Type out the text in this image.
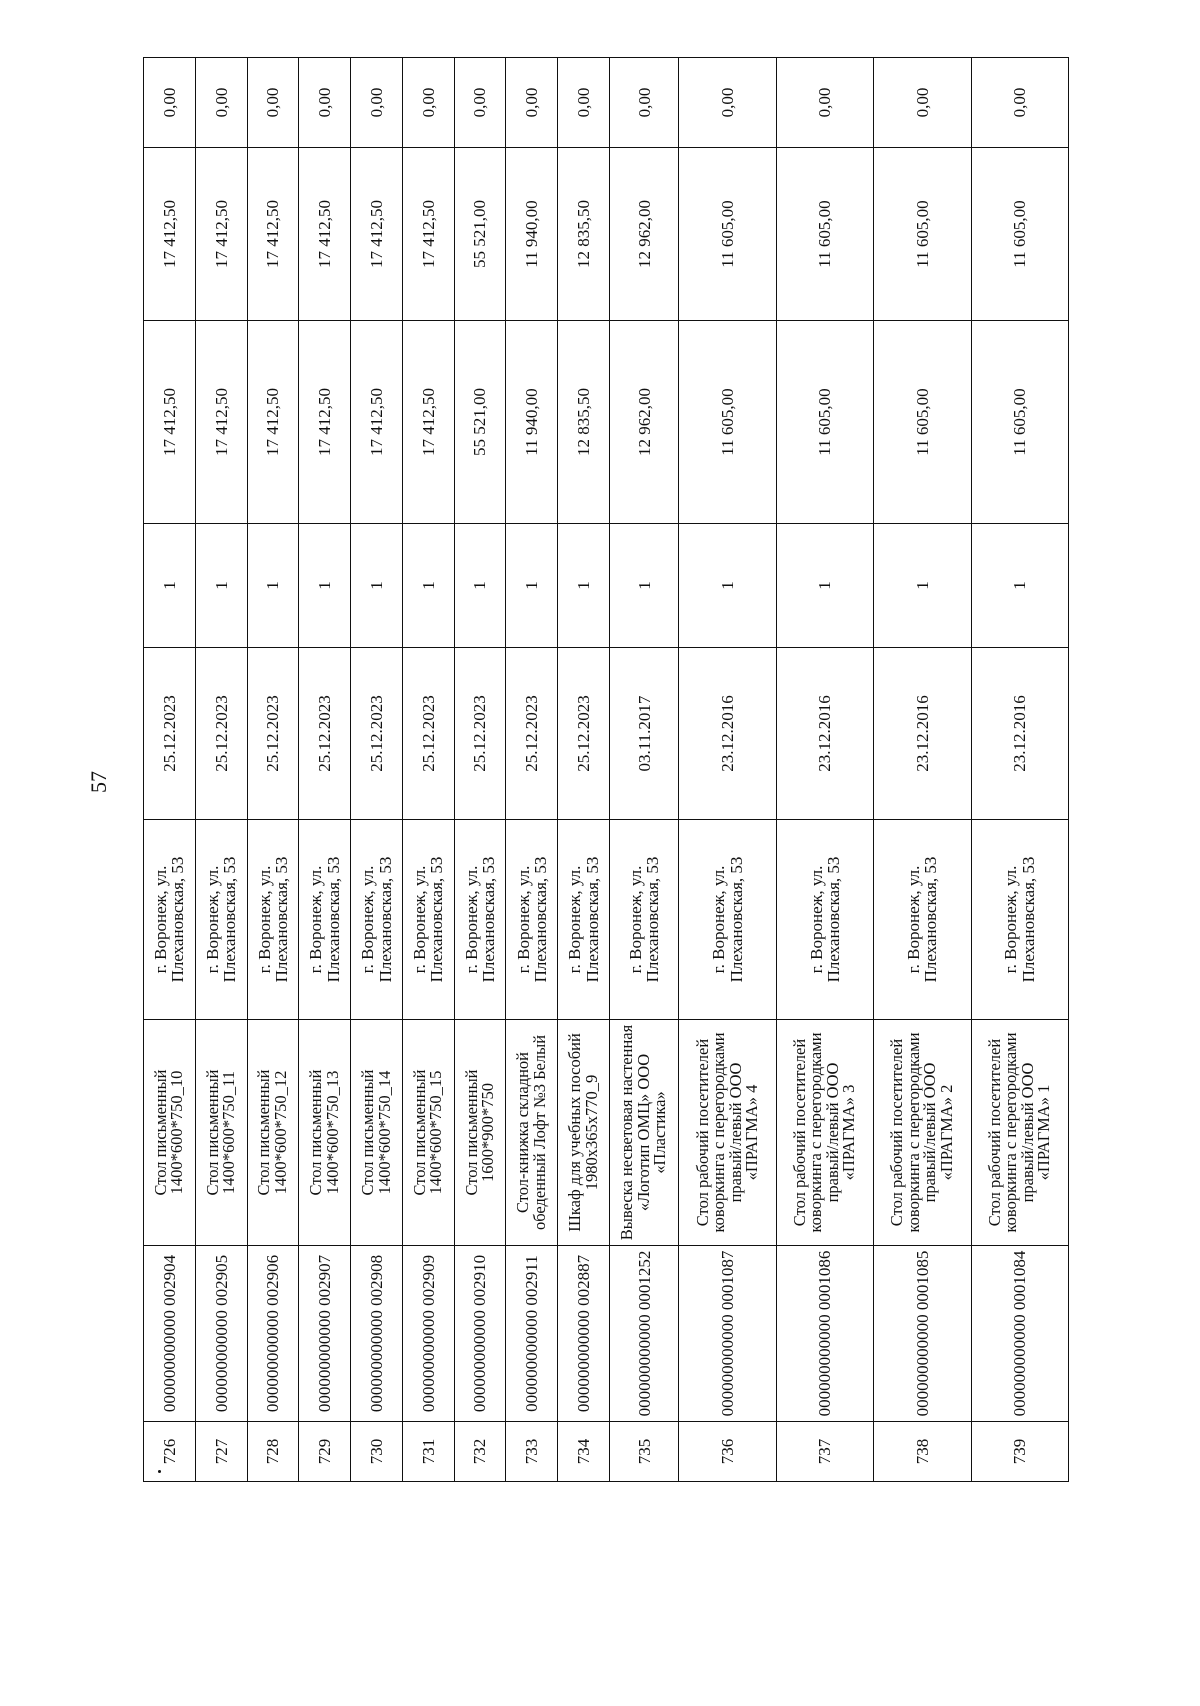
57
726	000000000000 002904	Стол письменный 1400*600*750_10	г. Воронеж, ул. Плехановская, 53	25.12.2023	1	17 412,50	17 412,50	0,00
727	000000000000 002905	Стол письменный 1400*600*750_11	г. Воронеж, ул. Плехановская, 53	25.12.2023	1	17 412,50	17 412,50	0,00
728	000000000000 002906	Стол письменный 1400*600*750_12	г. Воронеж, ул. Плехановская, 53	25.12.2023	1	17 412,50	17 412,50	0,00
729	000000000000 002907	Стол письменный 1400*600*750_13	г. Воронеж, ул. Плехановская, 53	25.12.2023	1	17 412,50	17 412,50	0,00
730	000000000000 002908	Стол письменный 1400*600*750_14	г. Воронеж, ул. Плехановская, 53	25.12.2023	1	17 412,50	17 412,50	0,00
731	000000000000 002909	Стол письменный 1400*600*750_15	г. Воронеж, ул. Плехановская, 53	25.12.2023	1	17 412,50	17 412,50	0,00
732	000000000000 002910	Стол письменный 1600*900*750	г. Воронеж, ул. Плехановская, 53	25.12.2023	1	55 521,00	55 521,00	0,00
733	000000000000 002911	Стол-книжка складной обеденный Лофт №3 Белый	г. Воронеж, ул. Плехановская, 53	25.12.2023	1	11 940,00	11 940,00	0,00
734	000000000000 002887	Шкаф для учебных пособий 1980x365x770_9	г. Воронеж, ул. Плехановская, 53	25.12.2023	1	12 835,50	12 835,50	0,00
735	000000000000 0001252	Вывеска несветовая настенная «Логотип ОМЦ» ООО «Пластика»	г. Воронеж, ул. Плехановская, 53	03.11.2017	1	12 962,00	12 962,00	0,00
736	000000000000 0001087	Стол рабочий посетителей коворкинга с перегородками правый/левый ООО «ПРАГМА» 4	г. Воронеж, ул. Плехановская, 53	23.12.2016	1	11 605,00	11 605,00	0,00
737	000000000000 0001086	Стол рабочий посетителей коворкинга с перегородками правый/левый ООО «ПРАГМА» 3	г. Воронеж, ул. Плехановская, 53	23.12.2016	1	11 605,00	11 605,00	0,00
738	000000000000 0001085	Стол рабочий посетителей коворкинга с перегородками правый/левый ООО «ПРАГМА» 2	г. Воронеж, ул. Плехановская, 53	23.12.2016	1	11 605,00	11 605,00	0,00
739	000000000000 0001084	Стол рабочий посетителей коворкинга с перегородками правый/левый ООО «ПРАГМА» 1	г. Воронеж, ул. Плехановская, 53	23.12.2016	1	11 605,00	11 605,00	0,00
